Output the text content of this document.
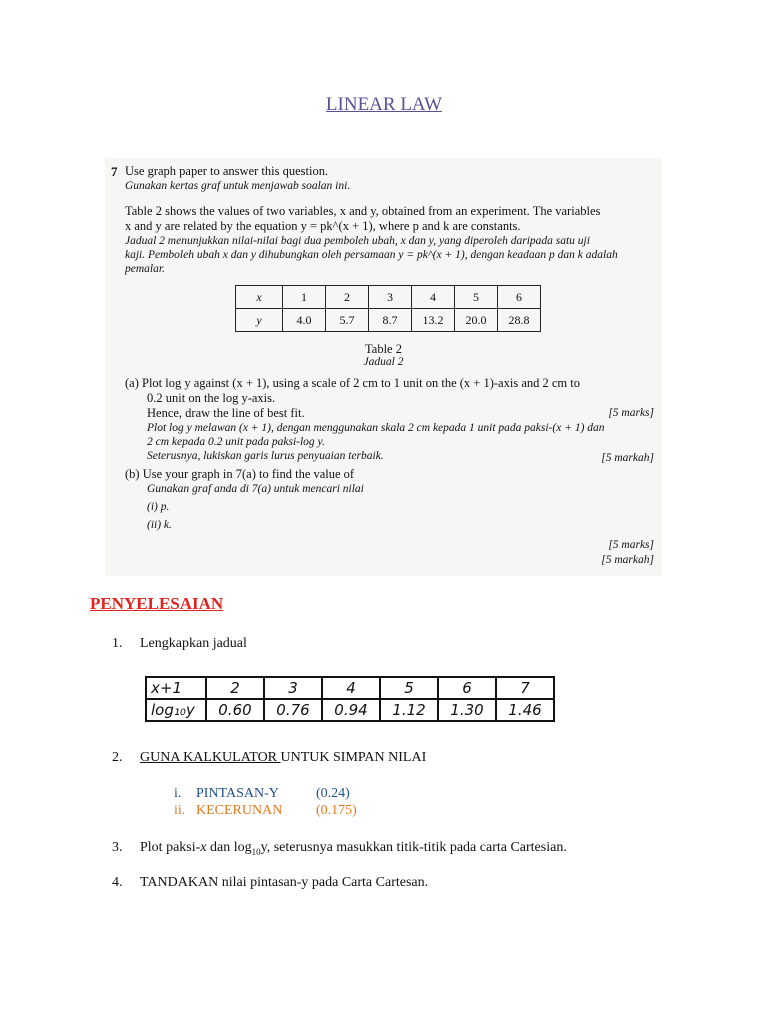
LINEAR LAW
7 Use graph paper to answer this question.
Gunakan kertas graf untuk menjawab soalan ini.
Table 2 shows the values of two variables, x and y, obtained from an experiment. The variables
x and y are related by the equation y = pk^(x + 1), where p and k are constants.
Jadual 2 menunjukkan nilai-nilai bagi dua pemboleh ubah, x dan y, yang diperoleh daripada satu uji
kaji. Pemboleh ubah x dan y dihubungkan oleh persamaan y = pk^(x + 1), dengan keadaan p dan k adalah
pemalar.
x	1	2	3	4	5	6
y	4.0	5.7	8.7	13.2	20.0	28.8
Table 2
Jadual 2
(a) Plot log y against (x + 1), using a scale of 2 cm to 1 unit on the (x + 1)-axis and 2 cm to
0.2 unit on the log y-axis.
Hence, draw the line of best fit.	[5 marks]
Plot log y melawan (x + 1), dengan menggunakan skala 2 cm kepada 1 unit pada paksi-(x + 1) dan
2 cm kepada 0.2 unit pada paksi-log y.
Seterusnya, lukiskan garis lurus penyuaian terbaik.	[5 markah]
(b) Use your graph in 7(a) to find the value of
Gunakan graf anda di 7(a) untuk mencari nilai
(i) p.
(ii) k.
[5 marks]
[5 markah]
PENYELESAIAN
1. Lengkapkan jadual
x+1	2	3	4	5	6	7
log₁₀y	0.60	0.76	0.94	1.12	1.30	1.46
2. GUNA KALKULATOR UNTUK SIMPAN NILAI
i. PINTASAN-Y	(0.24)
ii. KECERUNAN (0.175)
3. Plot paksi-x dan $\log_{10}y$, seterusnya masukkan titik-titik pada carta Cartesian.
4. TANDAKAN nilai pintasan-y pada Carta Cartesan.
